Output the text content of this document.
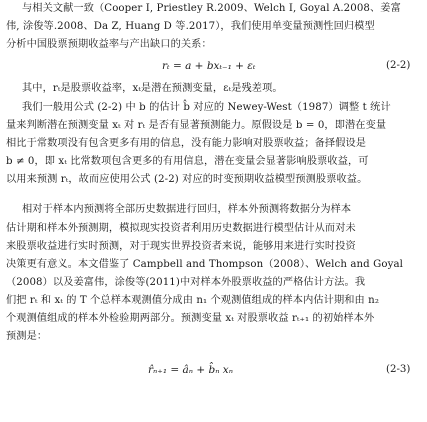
与相关文献一致（Cooper I, Priestley R.2009、Welch I, Goyal A.2008、姜富
伟, 涂俊等.2008、Da Z, Huang D 等.2017），我们使用单变量预测性回归模型
分析中国股票预期收益率与产出缺口的关系：
rₜ = a + bxₜ₋₁ + εₜ	(2-2)
其中，rₜ是股票收益率，xₜ是潜在预测变量，εₜ是残差项。
我们一般用公式 (2-2) 中 b 的估计 b̂ 对应的 Newey-West（1987）调整 t 统计
量来判断潜在预测变量 xₜ 对 rₜ 是否有显著预测能力。原假设是 b = 0，即潜在变量
相比于常数项没有包含更多有用的信息，没有能力影响对股票收益；备择假设是
b ≠ 0，即 xₜ 比常数项包含更多的有用信息，潜在变量会显著影响股票收益，可
以用来预测 rₜ，故而应使用公式 (2-2) 对应的时变预期收益模型预测股票收益。
相对于样本内预测将全部历史数据进行回归，样本外预测将数据分为样本
估计期和样本外预测期，模拟现实投资者利用历史数据进行模型估计从而对未
来股票收益进行实时预测，对于现实世界投资者来说，能够用来进行实时投资
决策更有意义。本文借鉴了 Campbell and Thompson（2008）、Welch and Goyal
（2008）以及姜富伟，涂俊等(2011)中对样本外股票收益的严格估计方法。我
们把 rₜ 和 xₜ 的 T 个总样本观测值分成由 n₁ 个观测值组成的样本内估计期和由 n₂
个观测值组成的样本外检验期两部分。预测变量 xₜ 对股票收益 rₜ₊₁ 的初始样本外
预测是：
r̂ₙ₊₁ = âₙ + b̂ₙ xₙ	(2-3)
